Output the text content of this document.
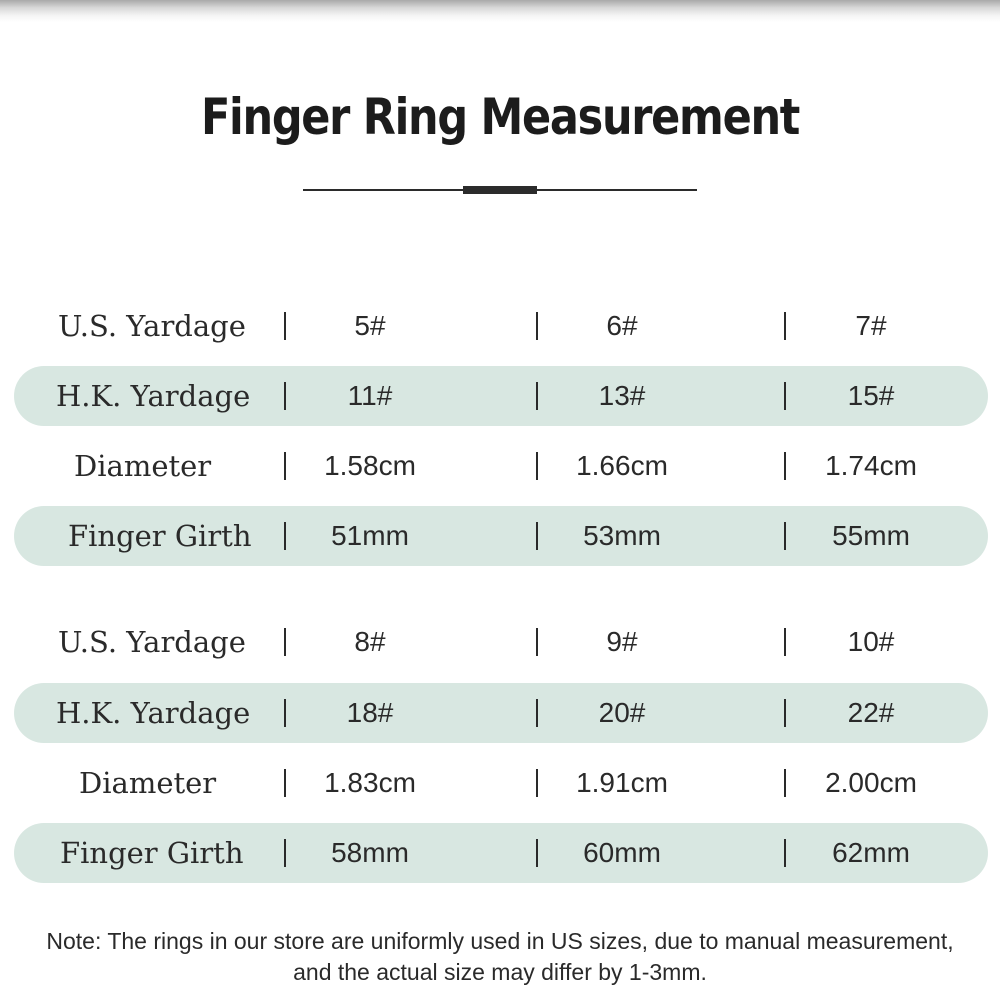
Finger Ring Measurement
U.S. Yardage	5#	6#	7#
H.K. Yardage	11#	13#	15#
Diameter	1.58cm	1.66cm	1.74cm
Finger Girth	51mm	53mm	55mm
U.S. Yardage	8#	9#	10#
H.K. Yardage	18#	20#	22#
Diameter	1.83cm	1.91cm	2.00cm
Finger Girth	58mm	60mm	62mm
Note: The rings in our store are uniformly used in US sizes, due to manual measurement, and the actual size may differ by 1-3mm.
